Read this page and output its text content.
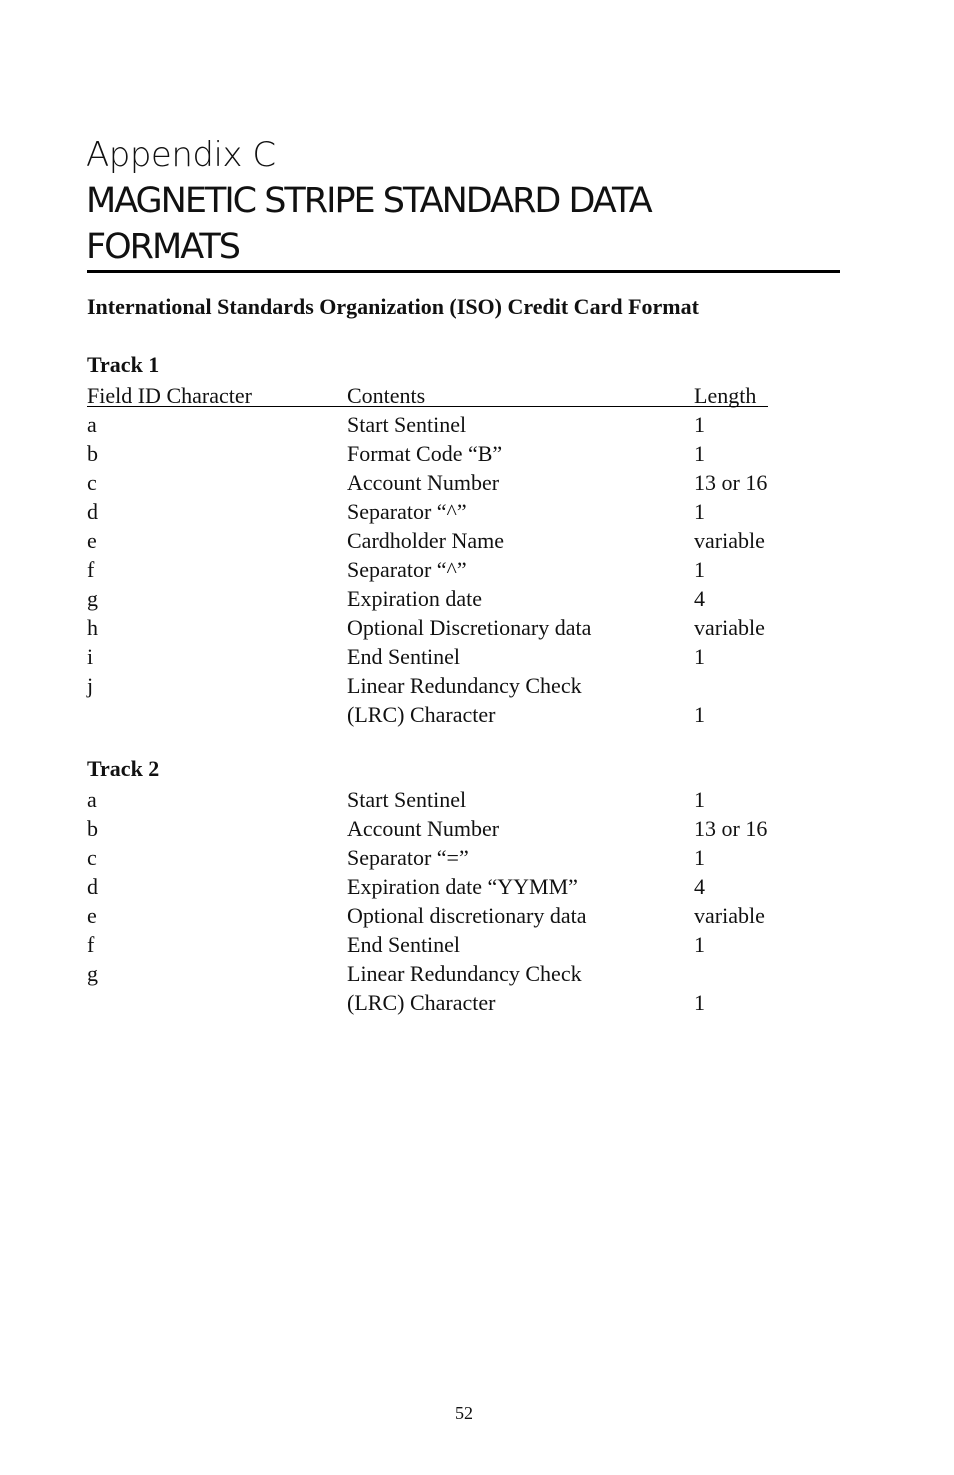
Appendix C
MAGNETIC STRIPE STANDARD DATA
FORMATS
International Standards Organization (ISO) Credit Card Format
Track 1
Field ID Character	Contents	Length
a	Start Sentinel	1
b	Format Code “B”	1
c	Account Number	13 or 16
d	Separator “^”	1
e	Cardholder Name	variable
f	Separator “^”	1
g	Expiration date	4
h	Optional Discretionary data	variable
i	End Sentinel	1
j	Linear Redundancy Check
(LRC) Character	1
Track 2
a	Start Sentinel	1
b	Account Number	13 or 16
c	Separator “=”	1
d	Expiration date “YYMM”	4
e	Optional discretionary data	variable
f	End Sentinel	1
g	Linear Redundancy Check
(LRC) Character	1
52
